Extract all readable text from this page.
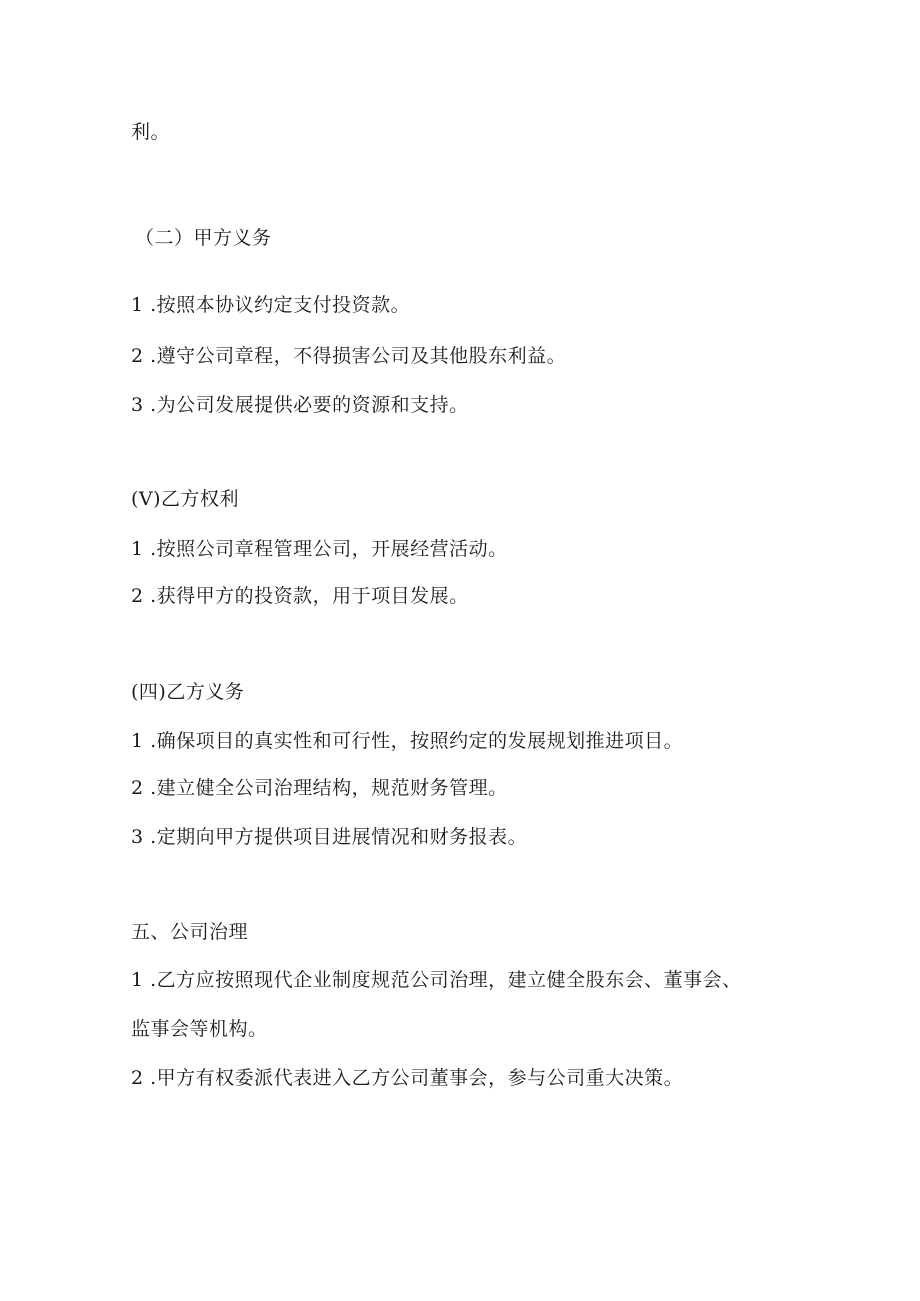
利。
（二）甲方义务
1 .按照本协议约定支付投资款。
2 .遵守公司章程，不得损害公司及其他股东利益。
3 .为公司发展提供必要的资源和支持。
(V)乙方权利
1 .按照公司章程管理公司，开展经营活动。
2 .获得甲方的投资款，用于项目发展。
(四)乙方义务
1 .确保项目的真实性和可行性，按照约定的发展规划推进项目。
2 .建立健全公司治理结构，规范财务管理。
3 .定期向甲方提供项目进展情况和财务报表。
五、公司治理
1 .乙方应按照现代企业制度规范公司治理，建立健全股东会、董事会、
监事会等机构。
2 .甲方有权委派代表进入乙方公司董事会，参与公司重大决策。
